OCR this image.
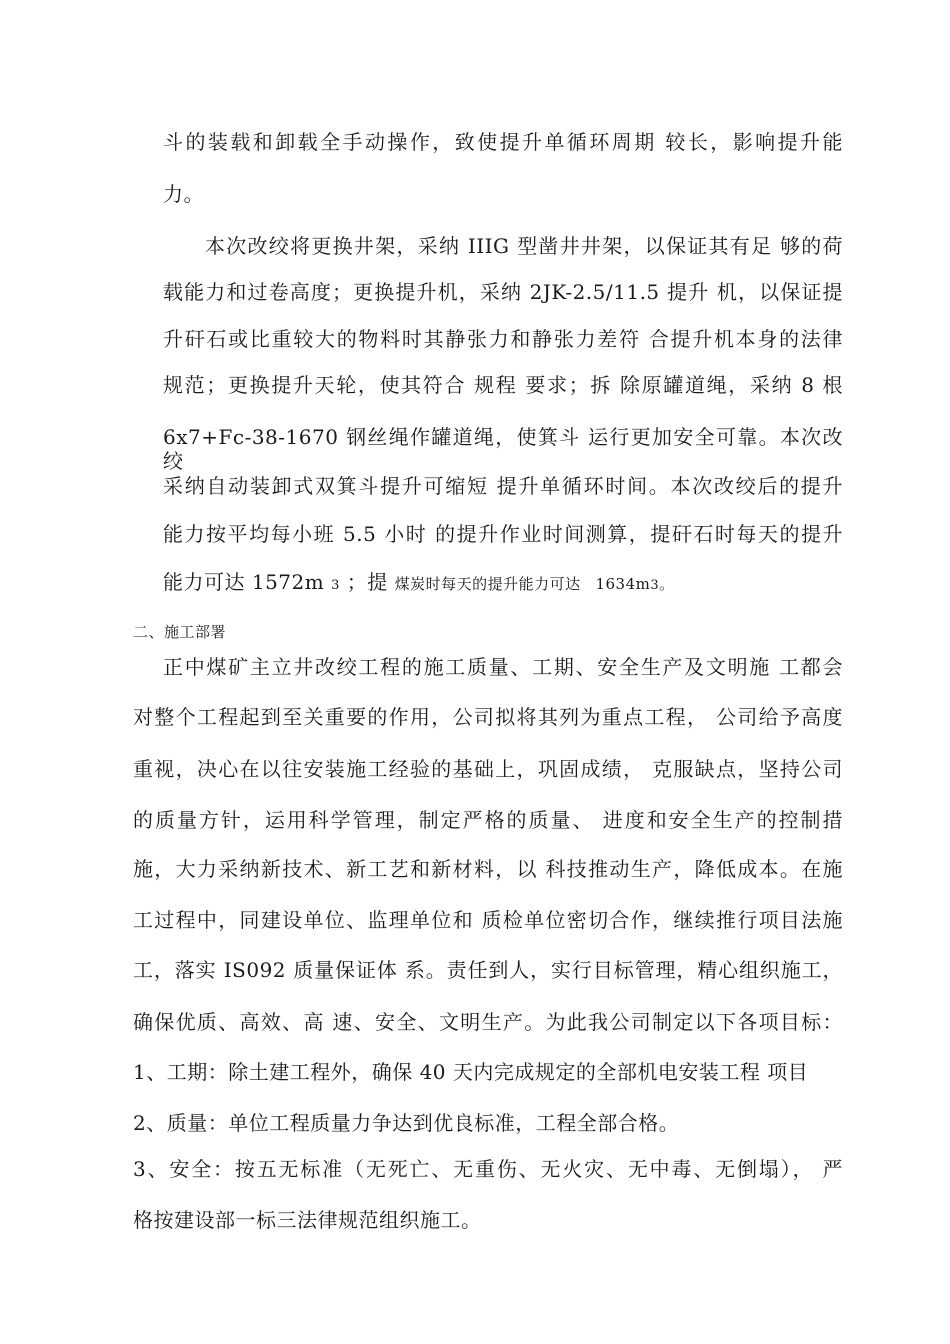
斗的装载和卸载全手动操作，致使提升单循环周期 较长，影响提升能
力。
本次改绞将更换井架，采纳 IIIG 型凿井井架，以保证其有足 够的荷
载能力和过卷高度；更换提升机，采纳 2JK-2.5/11.5 提升 机，以保证提
升矸石或比重较大的物料时其静张力和静张力差符 合提升机本身的法律
规范；更换提升天轮，使其符合 规程 要求；拆 除原罐道绳，采纳 8 根
6x7+Fc-38-1670 钢丝绳作罐道绳，使箕斗 运行更加安全可靠。本次改绞
采纳自动装卸式双箕斗提升可缩短 提升单循环时间。本次改绞后的提升
能力按平均每小班 5.5 小时 的提升作业时间测算，提矸石时每天的提升
能力可达 1572m 3 ；提 煤炭时每天的提升能力可达 1634m3。
二、施工部署
正中煤矿主立井改绞工程的施工质量、工期、安全生产及文明施 工都会
对整个工程起到至关重要的作用，公司拟将其列为重点工程， 公司给予高度
重视，决心在以往安装施工经验的基础上，巩固成绩， 克服缺点，坚持公司
的质量方针，运用科学管理，制定严格的质量、 进度和安全生产的控制措
施，大力采纳新技术、新工艺和新材料，以 科技推动生产，降低成本。在施
工过程中，同建设单位、监理单位和 质检单位密切合作，继续推行项目法施
工，落实 IS092 质量保证体 系。责任到人，实行目标管理，精心组织施工，
确保优质、高效、高 速、安全、文明生产。为此我公司制定以下各项目标：
1、工期：除土建工程外，确保 40 天内完成规定的全部机电安装工程 项目
2、质量：单位工程质量力争达到优良标准，工程全部合格。
3、安全：按五无标准（无死亡、无重伤、无火灾、无中毒、无倒塌）， 严
格按建设部一标三法律规范组织施工。
